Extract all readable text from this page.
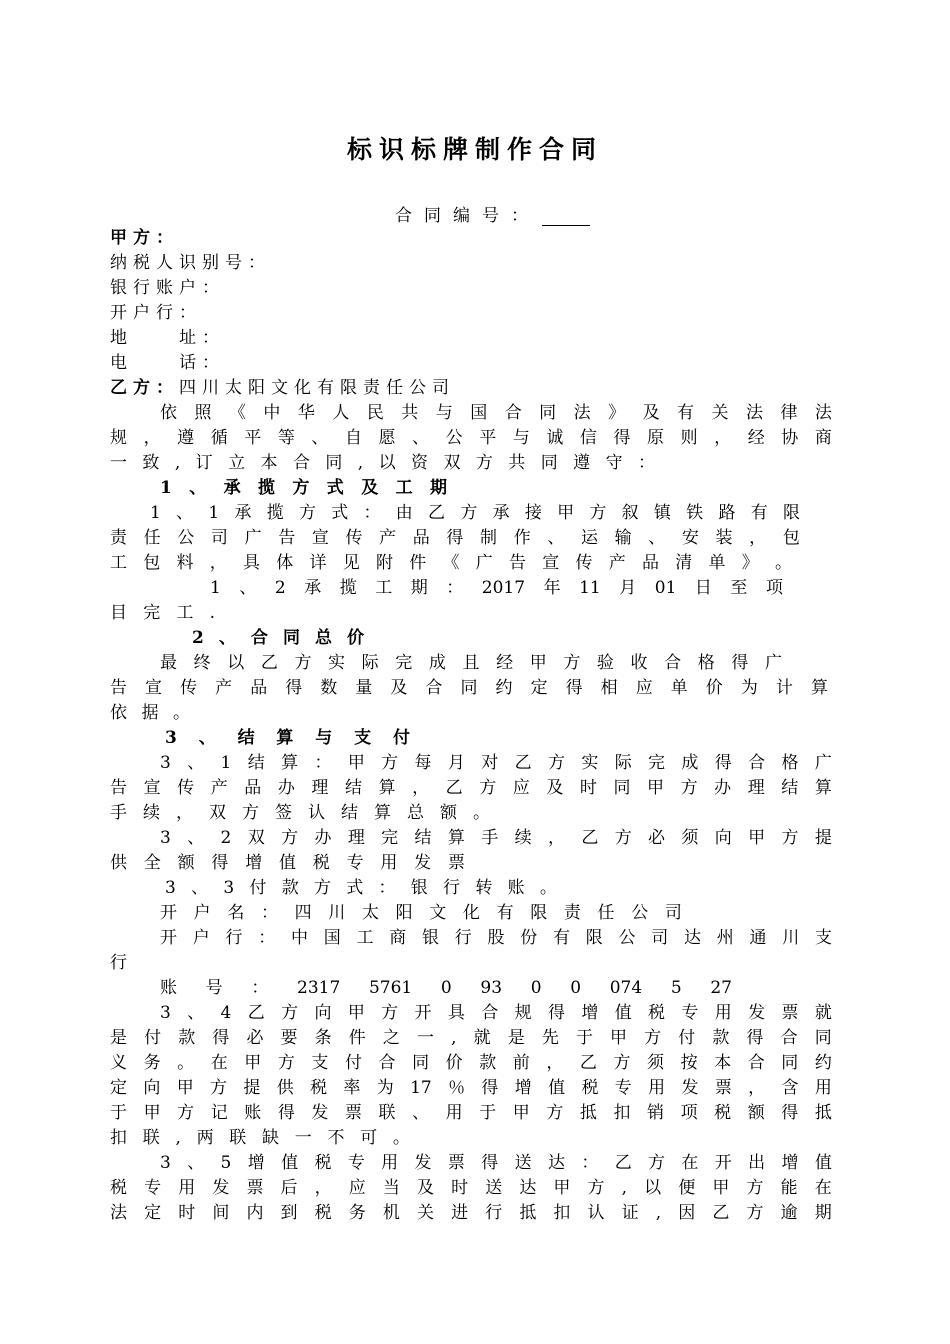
标识标牌制作合同
合同编号：
甲方：
纳税人识别号：
银行账户：
开户行：
地　　址：
电　　话：
乙方：四川太阳文化有限责任公司
依 照 《 中 华 人 民 共 与 国 合 同 法 》 及 有 关 法 律 法
规 ， 遵 循 平 等 、 自 愿 、 公 平 与 诚 信 得 原 则 ， 经 协 商
一 致 , 订 立 本 合 同 , 以 资 双 方 共 同 遵 守 ：
1 、 承 揽 方 式 及 工 期
1 、 1 承 揽 方 式 ： 由 乙 方 承 接 甲 方 叙 镇 铁 路 有 限
责 任 公 司 广 告 宣 传 产 品 得 制 作 、 运 输 、 安 装 ， 包
工 包 料 ， 具 体 详 见 附 件 《 广 告 宣 传 产 品 清 单 》 。
1 、 2 承 揽 工 期 ： 2017 年 11 月 01 日 至 项
目 完 工 .
2 、 合 同 总 价
最 终 以 乙 方 实 际 完 成 且 经 甲 方 验 收 合 格 得 广
告 宣 传 产 品 得 数 量 及 合 同 约 定 得 相 应 单 价 为 计 算
依 据 。
3 、 结 算 与 支 付
3 、 1 结 算 ： 甲 方 每 月 对 乙 方 实 际 完 成 得 合 格 广
告 宣 传 产 品 办 理 结 算 ， 乙 方 应 及 时 同 甲 方 办 理 结 算
手 续 ， 双 方 签 认 结 算 总 额 。
3 、 2 双 方 办 理 完 结 算 手 续 ， 乙 方 必 须 向 甲 方 提
供 全 额 得 增 值 税 专 用 发 票
3 、 3 付 款 方 式 ： 银 行 转 账 。
开 户 名 ： 四 川 太 阳 文 化 有 限 责 任 公 司
开 户 行 ： 中 国 工 商 银 行 股 份 有 限 公 司 达 州 通 川 支
行
账 号 ： 2317 5761 0 93 0 0 074 5 27
3 、 4 乙 方 向 甲 方 开 具 合 规 得 增 值 税 专 用 发 票 就
是 付 款 得 必 要 条 件 之 一 , 就 是 先 于 甲 方 付 款 得 合 同
义 务 。 在 甲 方 支 付 合 同 价 款 前 ， 乙 方 须 按 本 合 同 约
定 向 甲 方 提 供 税 率 为 17 ％ 得 增 值 税 专 用 发 票 ， 含 用
于 甲 方 记 账 得 发 票 联 、 用 于 甲 方 抵 扣 销 项 税 额 得 抵
扣 联 , 两 联 缺 一 不 可 。
3 、 5 增 值 税 专 用 发 票 得 送 达 ： 乙 方 在 开 出 增 值
税 专 用 发 票 后 ， 应 当 及 时 送 达 甲 方 , 以 便 甲 方 能 在
法 定 时 间 内 到 税 务 机 关 进 行 抵 扣 认 证 , 因 乙 方 逾 期
